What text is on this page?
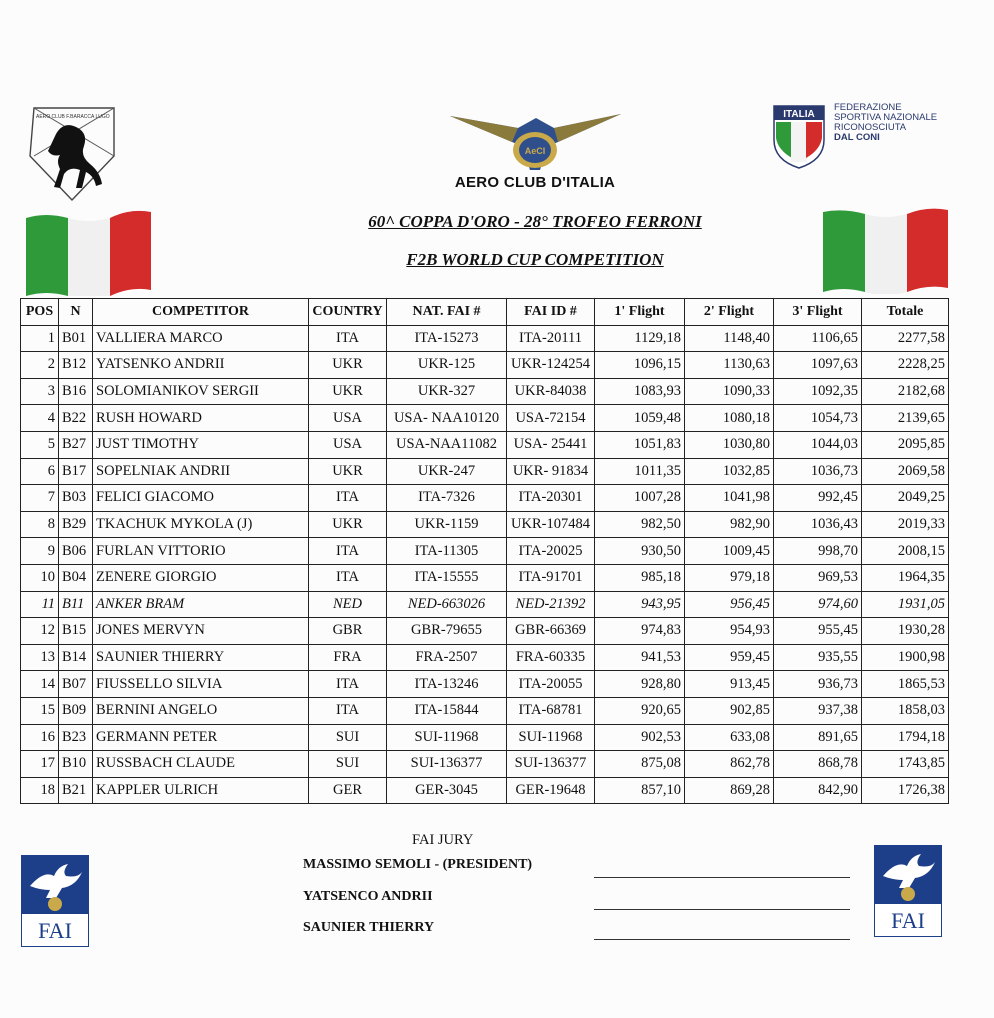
AERO CLUB F.BARACCA LUGO
AeCI
AERO CLUB D'ITALIA
ITALIA
FEDERAZIONE
SPORTIVA NAZIONALE
RICONOSCIUTA
DAL CONI
60^ COPPA D'ORO - 28° TROFEO FERRONI
F2B WORLD CUP COMPETITION
POS	N	COMPETITOR	COUNTRY	NAT. FAI #	FAI ID #	1' Flight	2' Flight	3' Flight	Totale
1	B01	VALLIERA MARCO	ITA	ITA-15273	ITA-20111	1129,18	1148,40	1106,65	2277,58
2	B12	YATSENKO ANDRII	UKR	UKR-125	UKR-124254	1096,15	1130,63	1097,63	2228,25
3	B16	SOLOMIANIKOV SERGII	UKR	UKR-327	UKR-84038	1083,93	1090,33	1092,35	2182,68
4	B22	RUSH HOWARD	USA	USA- NAA10120	USA-72154	1059,48	1080,18	1054,73	2139,65
5	B27	JUST TIMOTHY	USA	USA-NAA11082	USA- 25441	1051,83	1030,80	1044,03	2095,85
6	B17	SOPELNIAK ANDRII	UKR	UKR-247	UKR- 91834	1011,35	1032,85	1036,73	2069,58
7	B03	FELICI GIACOMO	ITA	ITA-7326	ITA-20301	1007,28	1041,98	992,45	2049,25
8	B29	TKACHUK MYKOLA (J)	UKR	UKR-1159	UKR-107484	982,50	982,90	1036,43	2019,33
9	B06	FURLAN VITTORIO	ITA	ITA-11305	ITA-20025	930,50	1009,45	998,70	2008,15
10	B04	ZENERE GIORGIO	ITA	ITA-15555	ITA-91701	985,18	979,18	969,53	1964,35
11	B11	ANKER BRAM	NED	NED-663026	NED-21392	943,95	956,45	974,60	1931,05
12	B15	JONES MERVYN	GBR	GBR-79655	GBR-66369	974,83	954,93	955,45	1930,28
13	B14	SAUNIER THIERRY	FRA	FRA-2507	FRA-60335	941,53	959,45	935,55	1900,98
14	B07	FIUSSELLO SILVIA	ITA	ITA-13246	ITA-20055	928,80	913,45	936,73	1865,53
15	B09	BERNINI ANGELO	ITA	ITA-15844	ITA-68781	920,65	902,85	937,38	1858,03
16	B23	GERMANN PETER	SUI	SUI-11968	SUI-11968	902,53	633,08	891,65	1794,18
17	B10	RUSSBACH CLAUDE	SUI	SUI-136377	SUI-136377	875,08	862,78	868,78	1743,85
18	B21	KAPPLER ULRICH	GER	GER-3045	GER-19648	857,10	869,28	842,90	1726,38
FAI JURY
MASSIMO SEMOLI - (PRESIDENT)
YATSENCO ANDRII
SAUNIER THIERRY
FAI	FAI
